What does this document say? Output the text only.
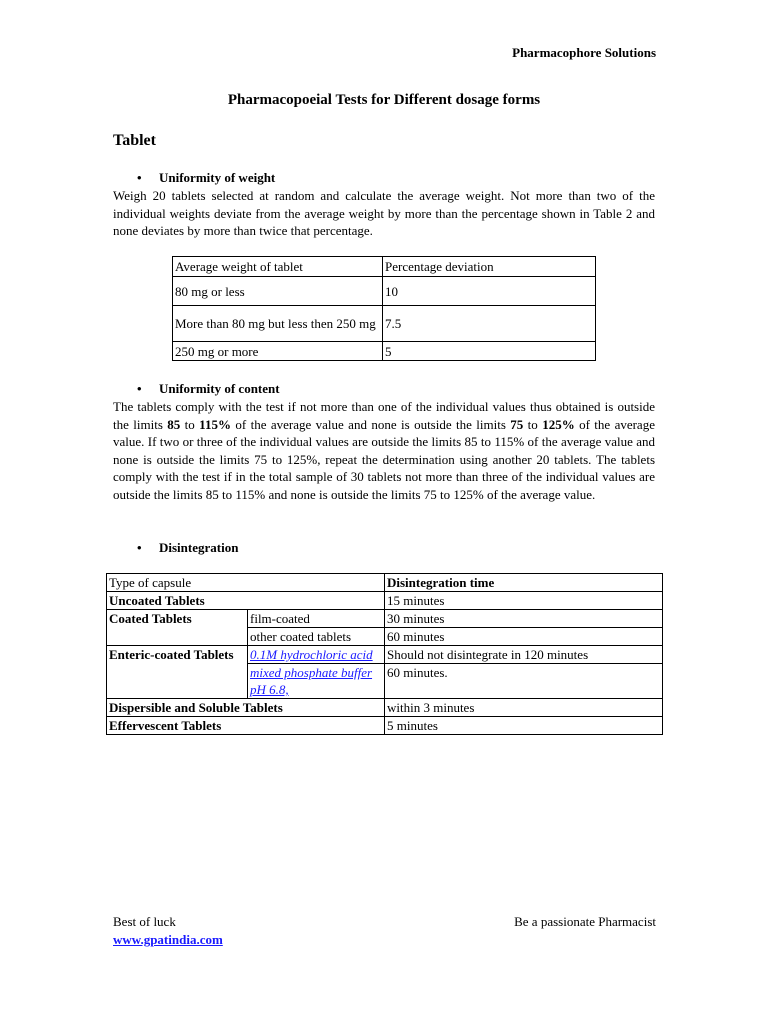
Pharmacophore Solutions
Pharmacopoeial Tests for Different dosage forms
Tablet
• Uniformity of weight
Weigh 20 tablets selected at random and calculate the average weight. Not more than two of the individual weights deviate from the average weight by more than the percentage shown in Table 2 and none deviates by more than twice that percentage.
Average weight of tablet	Percentage deviation
80 mg or less	10
More than 80 mg but less then 250 mg	7.5
250 mg or more	5
• Uniformity of content
The tablets comply with the test if not more than one of the individual values thus obtained is outside the limits 85 to 115% of the average value and none is outside the limits 75 to 125% of the average value. If two or three of the individual values are outside the limits 85 to 115% of the average value and none is outside the limits 75 to 125%, repeat the determination using another 20 tablets. The tablets comply with the test if in the total sample of 30 tablets not more than three of the individual values are outside the limits 85 to 115% and none is outside the limits 75 to 125% of the average value.
• Disintegration
Type of capsule		Disintegration time
Uncoated Tablets		15 minutes
Coated Tablets	film-coated	30 minutes
	other coated tablets	60 minutes
Enteric-coated Tablets	0.1M hydrochloric acid	Should not disintegrate in 120 minutes
	mixed phosphate buffer pH 6.8,	60 minutes.
Dispersible and Soluble Tablets		within 3 minutes
Effervescent Tablets		5 minutes
Best of luck
www.gpatindia.com
Be a passionate Pharmacist
